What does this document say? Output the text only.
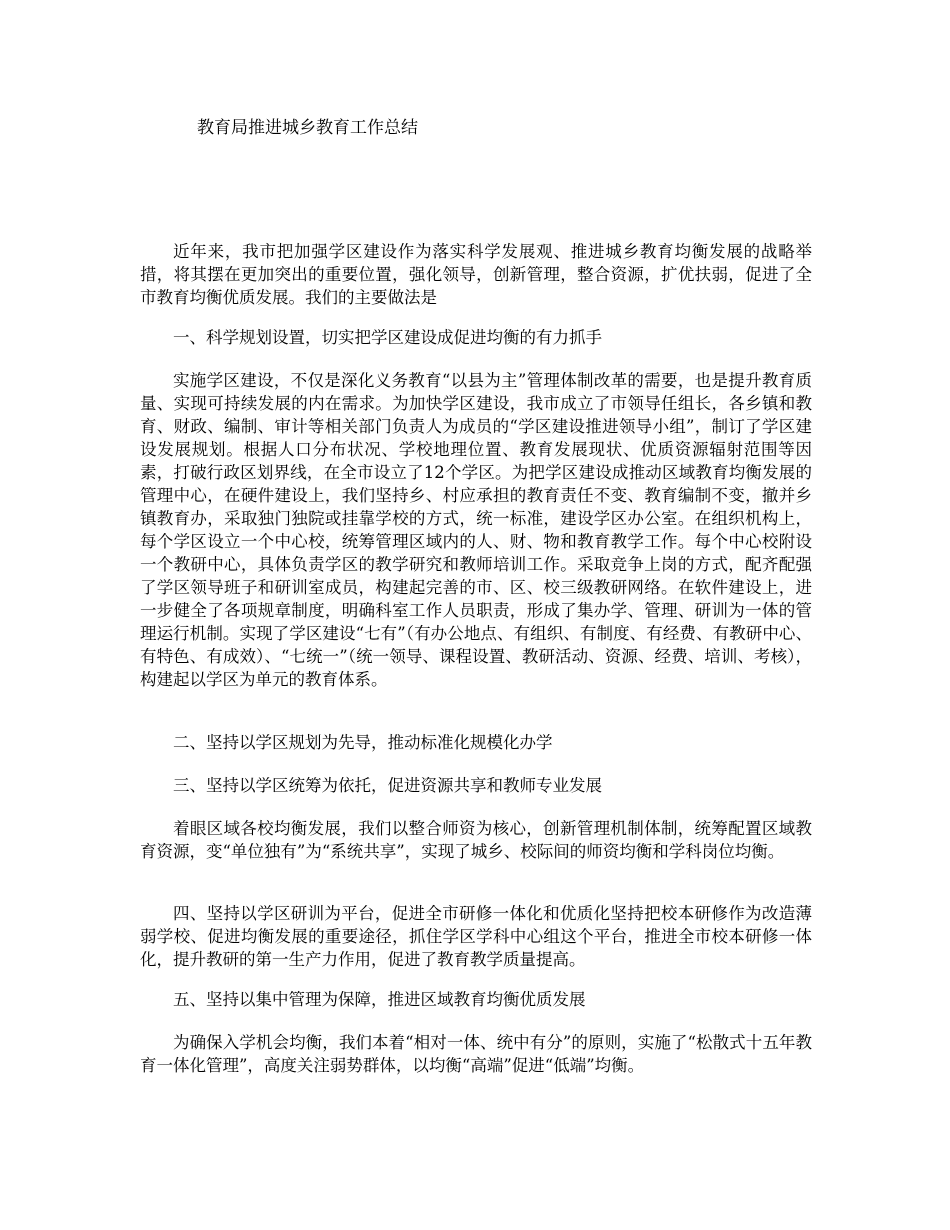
教育局推进城乡教育工作总结

近年来，我市把加强学区建设作为落实科学发展观、推进城乡教育均衡发展的战略举措，将其摆在更加突出的重要位置，强化领导，创新管理，整合资源，扩优扶弱，促进了全市教育均衡优质发展。我们的主要做法是

一、科学规划设置，切实把学区建设成促进均衡的有力抓手

实施学区建设，不仅是深化义务教育“以县为主”管理体制改革的需要，也是提升教育质量、实现可持续发展的内在需求。为加快学区建设，我市成立了市领导任组长，各乡镇和教育、财政、编制、审计等相关部门负责人为成员的“学区建设推进领导小组”，制订了学区建设发展规划。根据人口分布状况、学校地理位置、教育发展现状、优质资源辐射范围等因素，打破行政区划界线，在全市设立了12个学区。为把学区建设成推动区域教育均衡发展的管理中心，在硬件建设上，我们坚持乡、村应承担的教育责任不变、教育编制不变，撤并乡镇教育办，采取独门独院或挂靠学校的方式，统一标准，建设学区办公室。在组织机构上，每个学区设立一个中心校，统筹管理区域内的人、财、物和教育教学工作。每个中心校附设一个教研中心，具体负责学区的教学研究和教师培训工作。采取竞争上岗的方式，配齐配强了学区领导班子和研训室成员，构建起完善的市、区、校三级教研网络。在软件建设上，进一步健全了各项规章制度，明确科室工作人员职责，形成了集办学、管理、研训为一体的管理运行机制。实现了学区建设“七有”（有办公地点、有组织、有制度、有经费、有教研中心、有特色、有成效）、“七统一”（统一领导、课程设置、教研活动、资源、经费、培训、考核），构建起以学区为单元的教育体系。

二、坚持以学区规划为先导，推动标准化规模化办学
三、坚持以学区统筹为依托，促进资源共享和教师专业发展

着眼区域各校均衡发展，我们以整合师资为核心，创新管理机制体制，统筹配置区域教育资源，变“单位独有”为“系统共享”，实现了城乡、校际间的师资均衡和学科岗位均衡。

四、坚持以学区研训为平台，促进全市研修一体化和优质化坚持把校本研修作为改造薄弱学校、促进均衡发展的重要途径，抓住学区学科中心组这个平台，推进全市校本研修一体化，提升教研的第一生产力作用，促进了教育教学质量提高。

五、坚持以集中管理为保障，推进区域教育均衡优质发展

为确保入学机会均衡，我们本着“相对一体、统中有分”的原则，实施了“松散式十五年教育一体化管理”，高度关注弱势群体，以均衡“高端”促进“低端”均衡。
